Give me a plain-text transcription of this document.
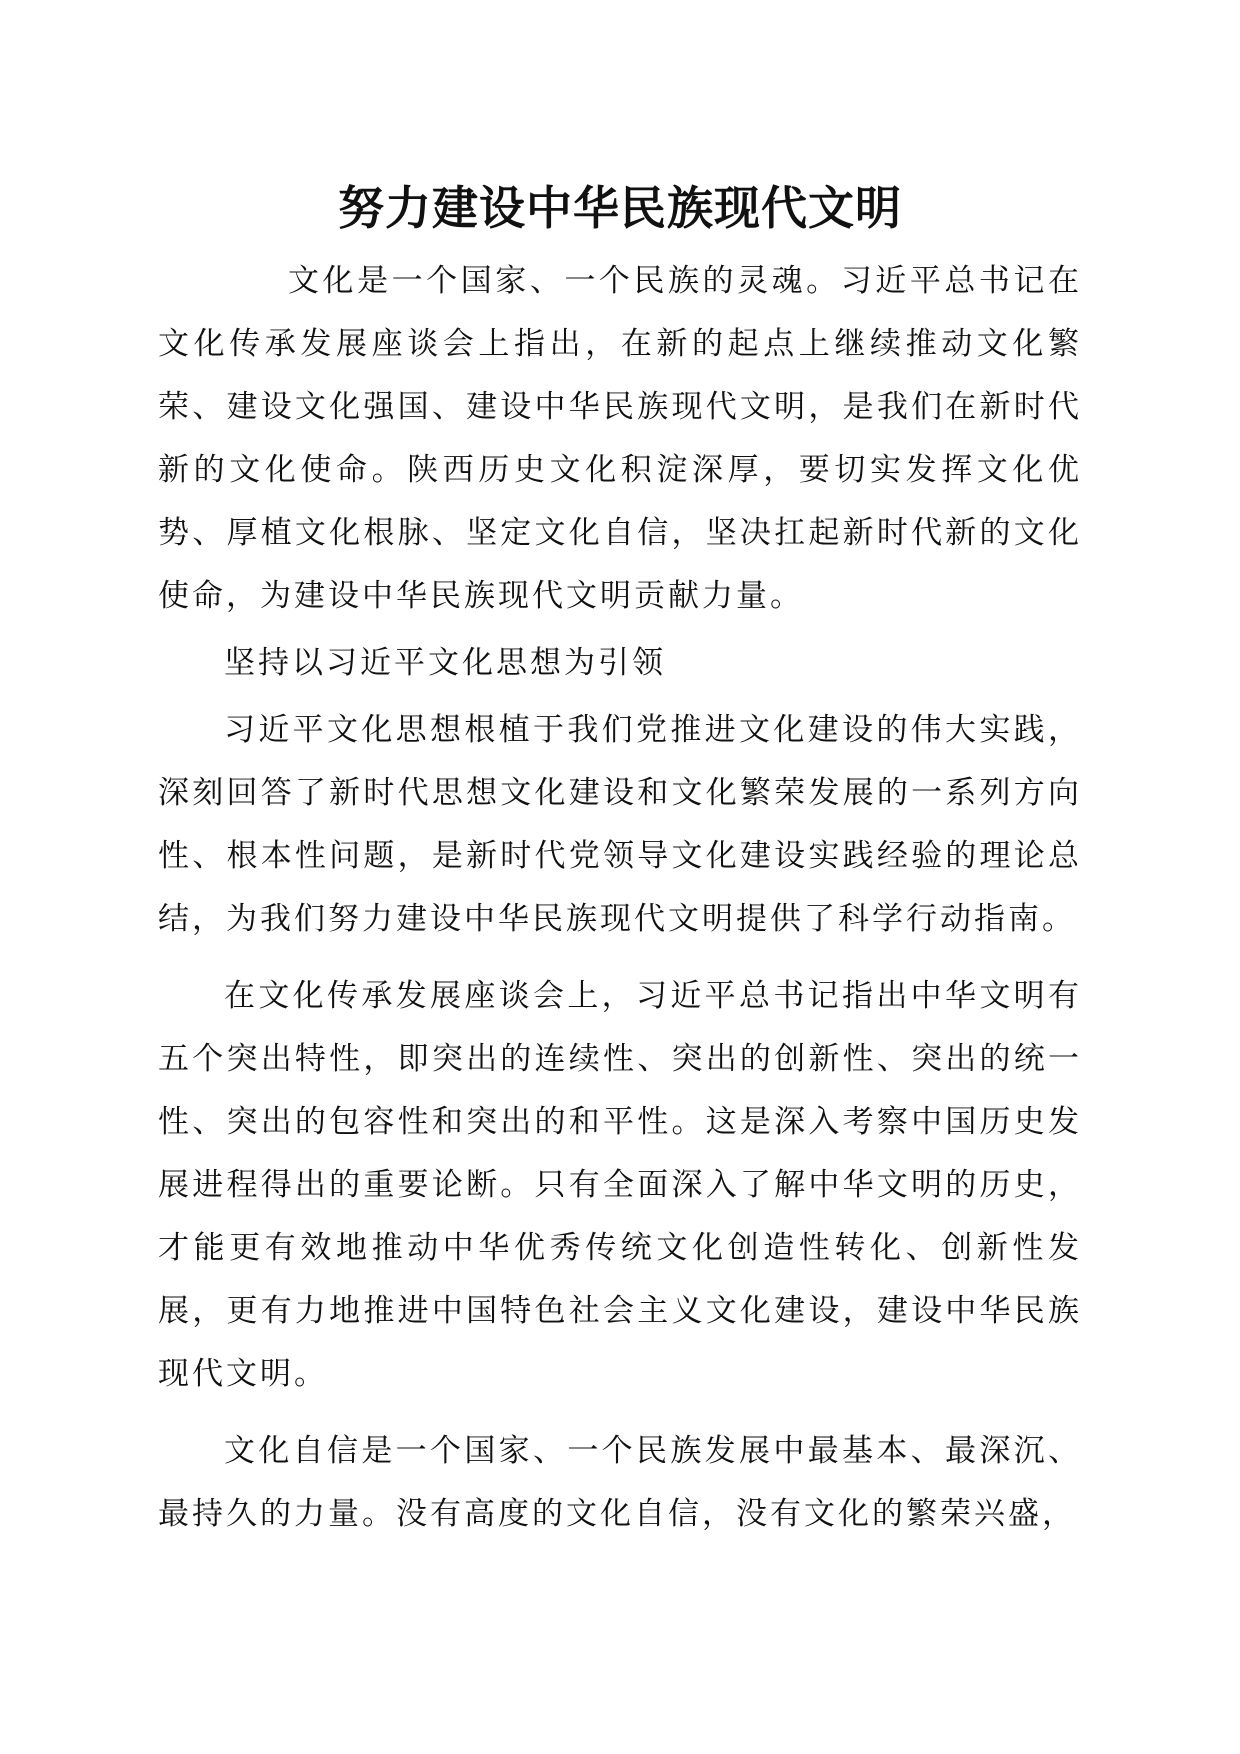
努力建设中华民族现代文明

文化是一个国家、一个民族的灵魂。习近平总书记在文化传承发展座谈会上指出，在新的起点上继续推动文化繁荣、建设文化强国、建设中华民族现代文明，是我们在新时代新的文化使命。陕西历史文化积淀深厚，要切实发挥文化优势、厚植文化根脉、坚定文化自信，坚决扛起新时代新的文化使命，为建设中华民族现代文明贡献力量。

坚持以习近平文化思想为引领

习近平文化思想根植于我们党推进文化建设的伟大实践，深刻回答了新时代思想文化建设和文化繁荣发展的一系列方向性、根本性问题，是新时代党领导文化建设实践经验的理论总结，为我们努力建设中华民族现代文明提供了科学行动指南。

在文化传承发展座谈会上，习近平总书记指出中华文明有五个突出特性，即突出的连续性、突出的创新性、突出的统一性、突出的包容性和突出的和平性。这是深入考察中国历史发展进程得出的重要论断。只有全面深入了解中华文明的历史，才能更有效地推动中华优秀传统文化创造性转化、创新性发展，更有力地推进中国特色社会主义文化建设，建设中华民族现代文明。

文化自信是一个国家、一个民族发展中最基本、最深沉、最持久的力量。没有高度的文化自信，没有文化的繁荣兴盛，
